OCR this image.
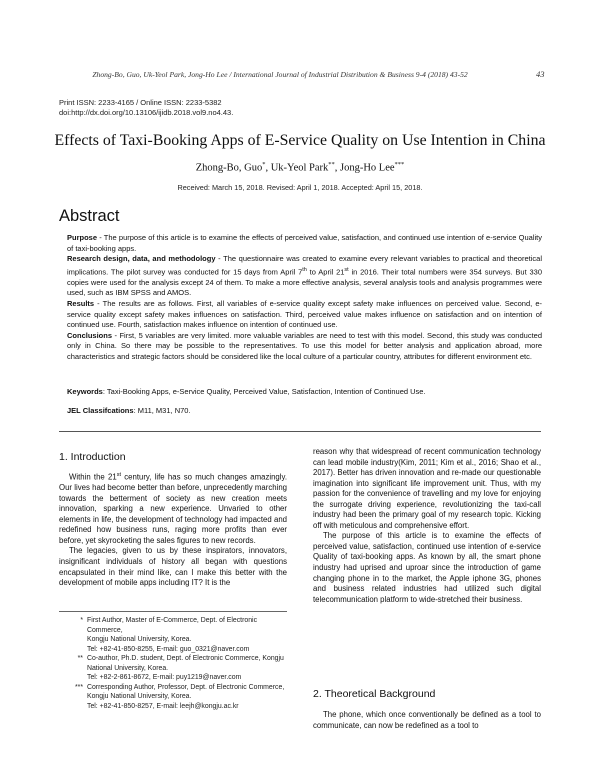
Zhong-Bo, Guo, Uk-Yeol Park, Jong-Ho Lee / International Journal of Industrial Distribution & Business 9-4 (2018) 43-52	43
Print ISSN: 2233-4165 / Online ISSN: 2233-5382
doi:http://dx.doi.org/10.13106/ijidb.2018.vol9.no4.43.
Effects of Taxi-Booking Apps of E-Service Quality on Use Intention in China
Zhong-Bo, Guo*, Uk-Yeol Park**, Jong-Ho Lee***
Received: March 15, 2018. Revised: April 1, 2018. Accepted: April 15, 2018.
Abstract

Purpose - The purpose of this article is to examine the effects of perceived value, satisfaction, and continued use intention of e-service Quality of taxi-booking apps.

Research design, data, and methodology - The questionnaire was created to examine every relevant variables to practical and theoretical implications. The pilot survey was conducted for 15 days from April 7th to April 21st in 2016. Their total numbers were 354 surveys. But 330 copies were used for the analysis except 24 of them. To make a more effective analysis, several analysis tools and analysis programmes were used, such as IBM SPSS and AMOS.

Results - The results are as follows. First, all variables of e-service quality except safety make influences on perceived value. Second, e-service quality except safety makes influences on satisfaction. Third, perceived value makes influence on satisfaction and on intention of continued use. Fourth, satisfaction makes influence on intention of continued use.

Conclusions - First, 5 variables are very limited. more valuable variables are need to test with this model. Second, this study was conducted only in China. So there may be possible to the representatives. To use this model for better analysis and application abroad, more characteristics and strategic factors should be considered like the local culture of a particular country, attributes for different environment etc.

Keywords: Taxi-Booking Apps, e-Service Quality, Perceived Value, Satisfaction, Intention of Continued Use.
JEL Classifcations: M11, M31, N70.
1. Introduction

Within the 21st century, life has so much changes amazingly. Our lives had become better than before, unprecedently marching towards the betterment of society as new creation meets innovation, sparking a new experience. Unvaried to other elements in life, the development of technology had impacted and redefined how business runs, raging more profits than ever before, yet skyrocketing the sales figures to new records.

The legacies, given to us by these inspirators, innovators, insignificant individuals of history all began with questions encapsulated in their mind like, can I make this better with the development of mobile apps including IT? It is the

* First Author, Master of E-Commerce, Dept. of Electronic Commerce,
Kongju National University, Korea.
Tel: +82-41-850-8255, E-mail: guo_0321@naver.com
** Co-author, Ph.D. student, Dept. of Electronic Commerce, Kongju
National University, Korea.
Tel: +82-2-861-8672, E-mail: puy1219@naver.com
*** Corresponding Author, Professor, Dept. of Electronic Commerce,
Kongju National University, Korea.
Tel: +82-41-850-8257, E-mail: leejh@kongju.ac.kr

reason why that widespread of recent communication technology can lead mobile industry(Kim, 2011; Kim et al., 2016; Shao et al., 2017). Better has driven innovation and re-made our questionable imagination into significant life improvement unit. Thus, with my passion for the convenience of travelling and my love for enjoying the surrogate driving experience, revolutionizing the taxi-call industry had been the primary goal of my research topic. Kicking off with meticulous and comprehensive effort.

The purpose of this article is to examine the effects of perceived value, satisfaction, continued use intention of e-service Quality of taxi-booking apps. As known by all, the smart phone industry had uprised and uproar since the introduction of game changing phone in to the market, the Apple iphone 3G, phones and business related industries had utilized such digital telecommunication platform to wide-stretched their business.

2. Theoretical Background

The phone, which once conventionally be defined as a tool to communicate, can now be redefined as a tool to
